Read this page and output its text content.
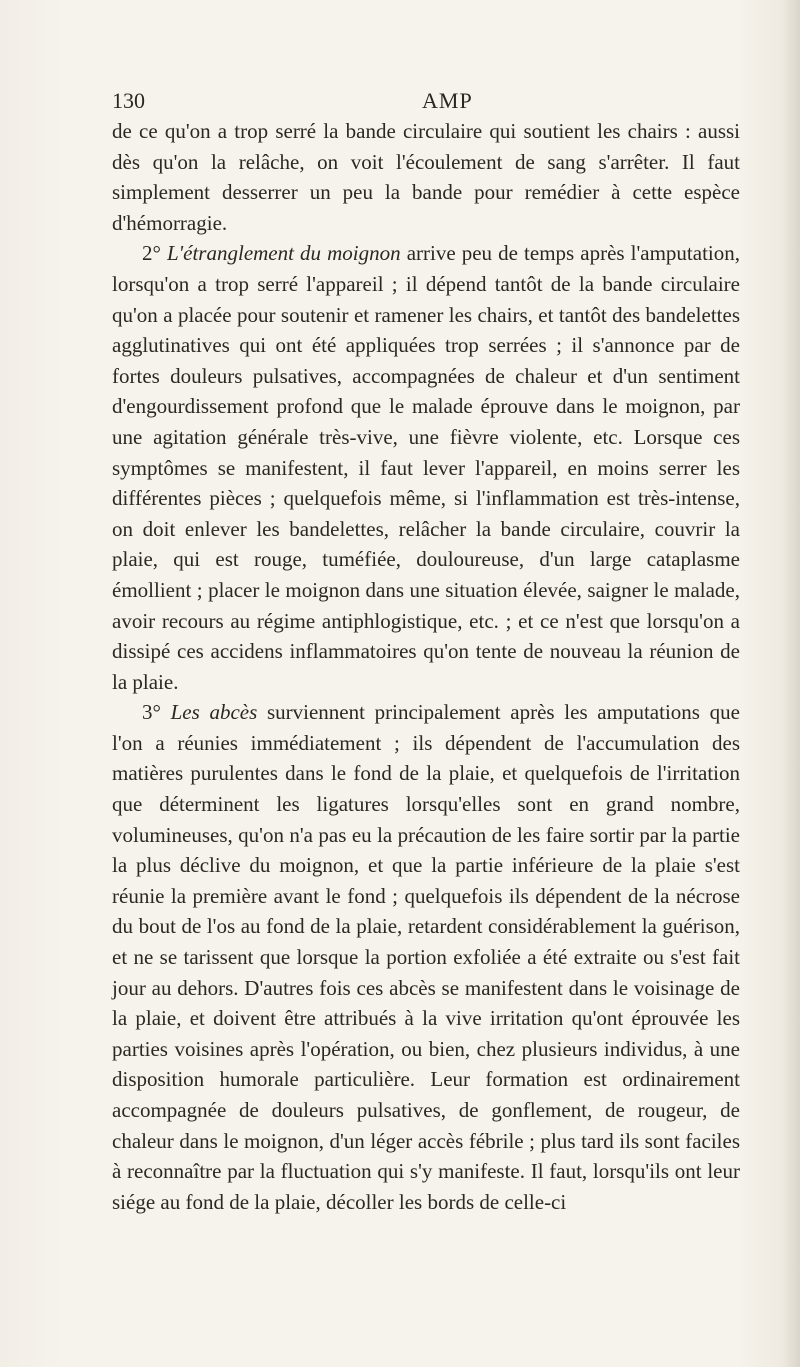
130	AMP

de ce qu'on a trop serré la bande circulaire qui soutient les chairs : aussi dès qu'on la relâche, on voit l'écoulement de sang s'arrêter. Il faut simplement desserrer un peu la bande pour remédier à cette espèce d'hémorragie.

2° L'étranglement du moignon arrive peu de temps après l'amputation, lorsqu'on a trop serré l'appareil ; il dépend tantôt de la bande circulaire qu'on a placée pour soutenir et ramener les chairs, et tantôt des bandelettes agglutinatives qui ont été appliquées trop serrées ; il s'annonce par de fortes douleurs pulsatives, accompagnées de chaleur et d'un sentiment d'engourdissement profond que le malade éprouve dans le moignon, par une agitation générale très-vive, une fièvre violente, etc. Lorsque ces symptômes se manifestent, il faut lever l'appareil, en moins serrer les différentes pièces ; quelquefois même, si l'inflammation est très-intense, on doit enlever les bandelettes, relâcher la bande circulaire, couvrir la plaie, qui est rouge, tuméfiée, douloureuse, d'un large cataplasme émollient ; placer le moignon dans une situation élevée, saigner le malade, avoir recours au régime antiphlogistique, etc. ; et ce n'est que lorsqu'on a dissipé ces accidens inflammatoires qu'on tente de nouveau la réunion de la plaie.

3° Les abcès surviennent principalement après les amputations que l'on a réunies immédiatement ; ils dépendent de l'accumulation des matières purulentes dans le fond de la plaie, et quelquefois de l'irritation que déterminent les ligatures lorsqu'elles sont en grand nombre, volumineuses, qu'on n'a pas eu la précaution de les faire sortir par la partie la plus déclive du moignon, et que la partie inférieure de la plaie s'est réunie la première avant le fond ; quelquefois ils dépendent de la nécrose du bout de l'os au fond de la plaie, retardent considérablement la guérison, et ne se tarissent que lorsque la portion exfoliée a été extraite ou s'est fait jour au dehors. D'autres fois ces abcès se manifestent dans le voisinage de la plaie, et doivent être attribués à la vive irritation qu'ont éprouvée les parties voisines après l'opération, ou bien, chez plusieurs individus, à une disposition humorale particulière. Leur formation est ordinairement accompagnée de douleurs pulsatives, de gonflement, de rougeur, de chaleur dans le moignon, d'un léger accès fébrile ; plus tard ils sont faciles à reconnaître par la fluctuation qui s'y manifeste. Il faut, lorsqu'ils ont leur siége au fond de la plaie, décoller les bords de celle-ci
